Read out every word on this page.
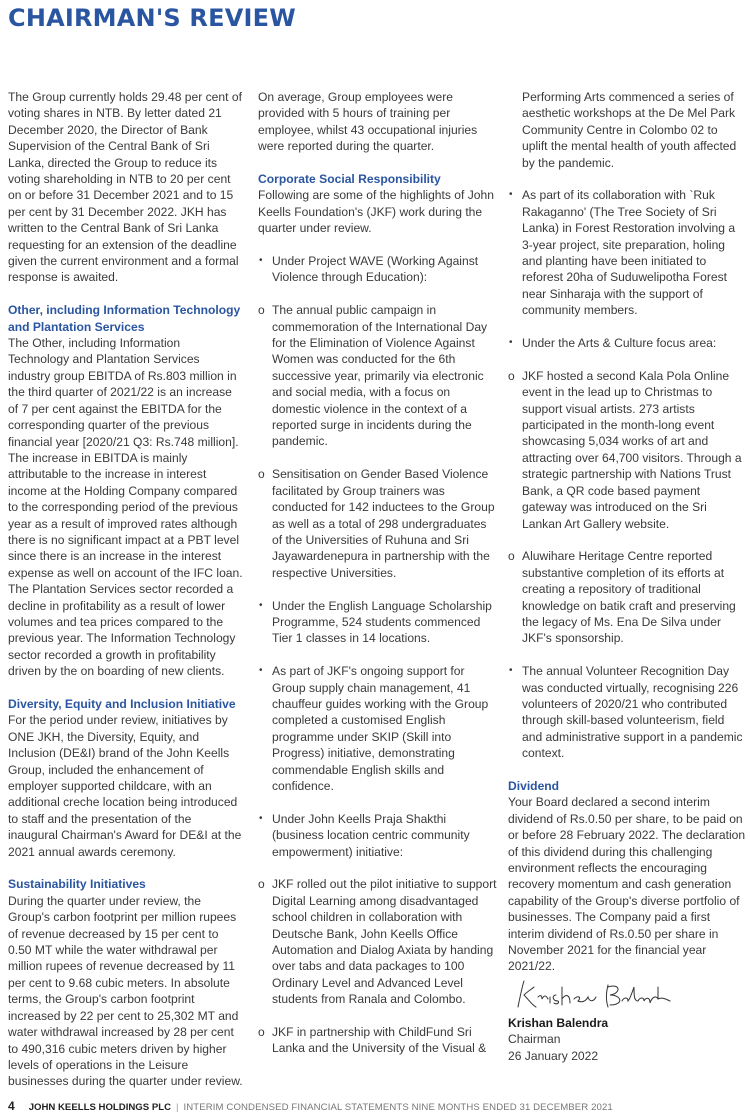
CHAIRMAN'S REVIEW

The Group currently holds 29.48 per cent of voting shares in NTB. By letter dated 21 December 2020, the Director of Bank Supervision of the Central Bank of Sri Lanka, directed the Group to reduce its voting shareholding in NTB to 20 per cent on or before 31 December 2021 and to 15 per cent by 31 December 2022. JKH has written to the Central Bank of Sri Lanka requesting for an extension of the deadline given the current environment and a formal response is awaited.

Other, including Information Technology and Plantation Services

The Other, including Information Technology and Plantation Services industry group EBITDA of Rs.803 million in the third quarter of 2021/22 is an increase of 7 per cent against the EBITDA for the corresponding quarter of the previous financial year [2020/21 Q3: Rs.748 million]. The increase in EBITDA is mainly attributable to the increase in interest income at the Holding Company compared to the corresponding period of the previous year as a result of improved rates although there is no significant impact at a PBT level since there is an increase in the interest expense as well on account of the IFC loan. The Plantation Services sector recorded a decline in profitability as a result of lower volumes and tea prices compared to the previous year. The Information Technology sector recorded a growth in profitability driven by the on boarding of new clients.

Diversity, Equity and Inclusion Initiative

For the period under review, initiatives by ONE JKH, the Diversity, Equity, and Inclusion (DE&I) brand of the John Keells Group, included the enhancement of employer supported childcare, with an additional creche location being introduced to staff and the presentation of the inaugural Chairman's Award for DE&I at the 2021 annual awards ceremony.

Sustainability Initiatives

During the quarter under review, the Group's carbon footprint per million rupees of revenue decreased by 15 per cent to 0.50 MT while the water withdrawal per million rupees of revenue decreased by 11 per cent to 9.68 cubic meters. In absolute terms, the Group's carbon footprint increased by 22 per cent to 25,302 MT and water withdrawal increased by 28 per cent to 490,316 cubic meters driven by higher levels of operations in the Leisure businesses during the quarter under review.

On average, Group employees were provided with 5 hours of training per employee, whilst 43 occupational injuries were reported during the quarter.

Corporate Social Responsibility

Following are some of the highlights of John Keells Foundation's (JKF) work during the quarter under review.

• Under Project WAVE (Working Against Violence through Education):
o The annual public campaign in commemoration of the International Day for the Elimination of Violence Against Women was conducted for the 6th successive year, primarily via electronic and social media, with a focus on domestic violence in the context of a reported surge in incidents during the pandemic.
o Sensitisation on Gender Based Violence facilitated by Group trainers was conducted for 142 inductees to the Group as well as a total of 298 undergraduates of the Universities of Ruhuna and Sri Jayawardenepura in partnership with the respective Universities.
• Under the English Language Scholarship Programme, 524 students commenced Tier 1 classes in 14 locations.
• As part of JKF's ongoing support for Group supply chain management, 41 chauffeur guides working with the Group completed a customised English programme under SKIP (Skill into Progress) initiative, demonstrating commendable English skills and confidence.
• Under John Keells Praja Shakthi (business location centric community empowerment) initiative:
o JKF rolled out the pilot initiative to support Digital Learning among disadvantaged school children in collaboration with Deutsche Bank, John Keells Office Automation and Dialog Axiata by handing over tabs and data packages to 100 Ordinary Level and Advanced Level students from Ranala and Colombo.
o JKF in partnership with ChildFund Sri Lanka and the University of the Visual &

Performing Arts commenced a series of aesthetic workshops at the De Mel Park Community Centre in Colombo 02 to uplift the mental health of youth affected by the pandemic.

• As part of its collaboration with `Ruk Rakaganno' (The Tree Society of Sri Lanka) in Forest Restoration involving a 3-year project, site preparation, holing and planting have been initiated to reforest 20ha of Suduwelipotha Forest near Sinharaja with the support of community members.
• Under the Arts & Culture focus area:
o JKF hosted a second Kala Pola Online event in the lead up to Christmas to support visual artists. 273 artists participated in the month-long event showcasing 5,034 works of art and attracting over 64,700 visitors. Through a strategic partnership with Nations Trust Bank, a QR code based payment gateway was introduced on the Sri Lankan Art Gallery website.
o Aluwihare Heritage Centre reported substantive completion of its efforts at creating a repository of traditional knowledge on batik craft and preserving the legacy of Ms. Ena De Silva under JKF's sponsorship.
• The annual Volunteer Recognition Day was conducted virtually, recognising 226 volunteers of 2020/21 who contributed through skill-based volunteerism, field and administrative support in a pandemic context.
Dividend

Your Board declared a second interim dividend of Rs.0.50 per share, to be paid on or before 28 February 2022. The declaration of this dividend during this challenging environment reflects the encouraging recovery momentum and cash generation capability of the Group's diverse portfolio of businesses. The Company paid a first interim dividend of Rs.0.50 per share in November 2021 for the financial year 2021/22.

Krishan Balendra

Chairman

26 January 2022

4 JOHN KEELLS HOLDINGS PLC | INTERIM CONDENSED FINANCIAL STATEMENTS NINE MONTHS ENDED 31 DECEMBER 2021
